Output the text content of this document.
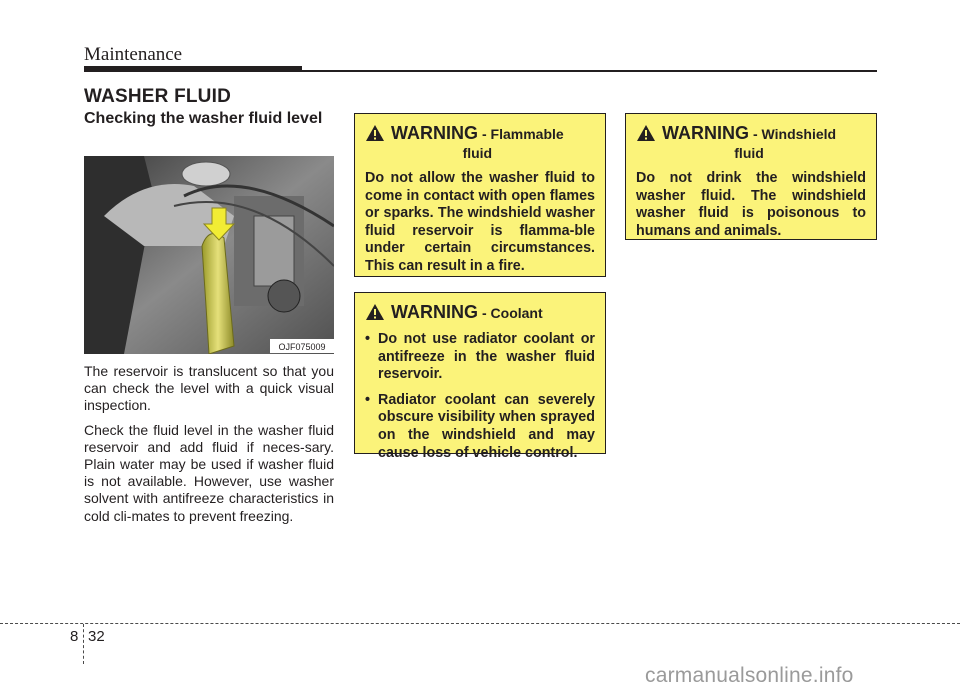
Maintenance
WASHER FLUID
Checking the washer fluid level
OJF075009

The reservoir is translucent so that you can check the level with a quick visual inspection.

Check the fluid level in the washer fluid reservoir and add fluid if neces-sary. Plain water may be used if washer fluid is not available. However, use washer solvent with antifreeze characteristics in cold cli-mates to prevent freezing.

WARNING - Flammable
fluid

Do not allow the washer fluid to come in contact with open flames or sparks. The windshield washer fluid reservoir is flamma-ble under certain circumstances. This can result in a fire.

WARNING - Coolant
• Do not use radiator coolant or antifreeze in the washer fluid reservoir.
• Radiator coolant can severely obscure visibility when sprayed on the windshield and may cause loss of vehicle control.
WARNING - Windshield
fluid

Do not drink the windshield washer fluid. The windshield washer fluid is poisonous to humans and animals.

8 32
carmanualsonline.info
